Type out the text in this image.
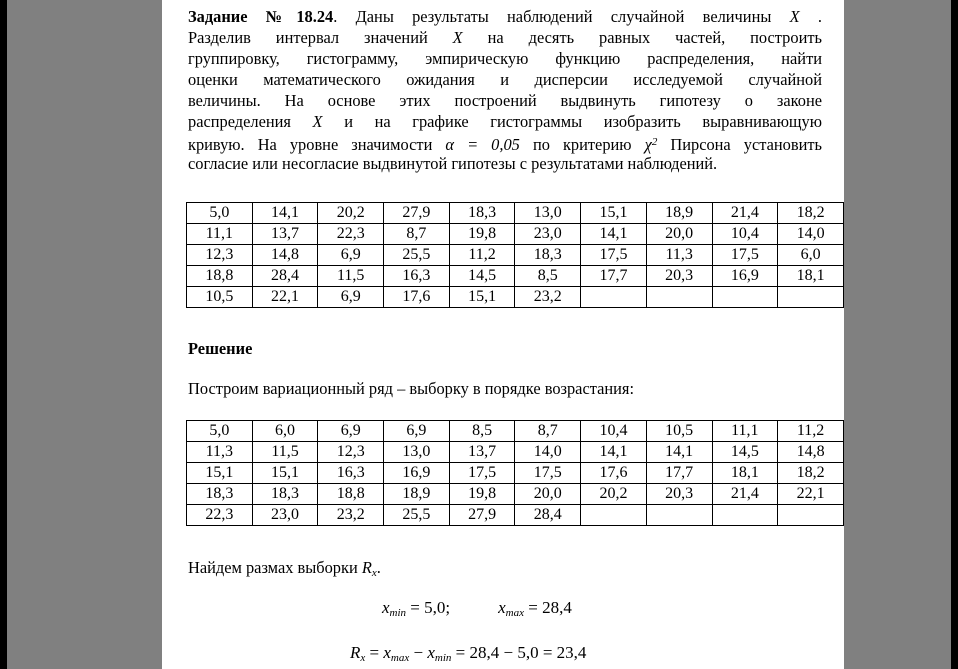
Задание №18.24. Даны результаты наблюдений случайной величины X .
Разделив интервал значений X на десять равных частей, построить
группировку, гистограмму, эмпирическую функцию распределения, найти
оценки математического ожидания и дисперсии исследуемой случайной
величины. На основе этих построений выдвинуть гипотезу о законе
распределения X и на графике гистограммы изобразить выравнивающую
кривую. На уровне значимости α = 0,05 по критерию $\chi^2$ Пирсона установить
согласие или несогласие выдвинутой гипотезы с результатами наблюдений.
5,0	14,1	20,2	27,9	18,3	13,0	15,1	18,9	21,4	18,2
11,1	13,7	22,3	8,7	19,8	23,0	14,1	20,0	10,4	14,0
12,3	14,8	6,9	25,5	11,2	18,3	17,5	11,3	17,5	6,0
18,8	28,4	11,5	16,3	14,5	8,5	17,7	20,3	16,9	18,1
10,5	22,1	6,9	17,6	15,1	23,2				
Решение
Построим вариационный ряд – выборку в порядке возрастания:
5,0	6,0	6,9	6,9	8,5	8,7	10,4	10,5	11,1	11,2
11,3	11,5	12,3	13,0	13,7	14,0	14,1	14,1	14,5	14,8
15,1	15,1	16,3	16,9	17,5	17,5	17,6	17,7	18,1	18,2
18,3	18,3	18,8	18,9	19,8	20,0	20,2	20,3	21,4	22,1
22,3	23,0	23,2	25,5	27,9	28,4				
Найдем размах выборки $R_x$.
$x_{min} = 5,0$;	$x_{max} = 28,4$
$R_x = x_{max} - x_{min} = 28,4 - 5,0 = 23,4$
